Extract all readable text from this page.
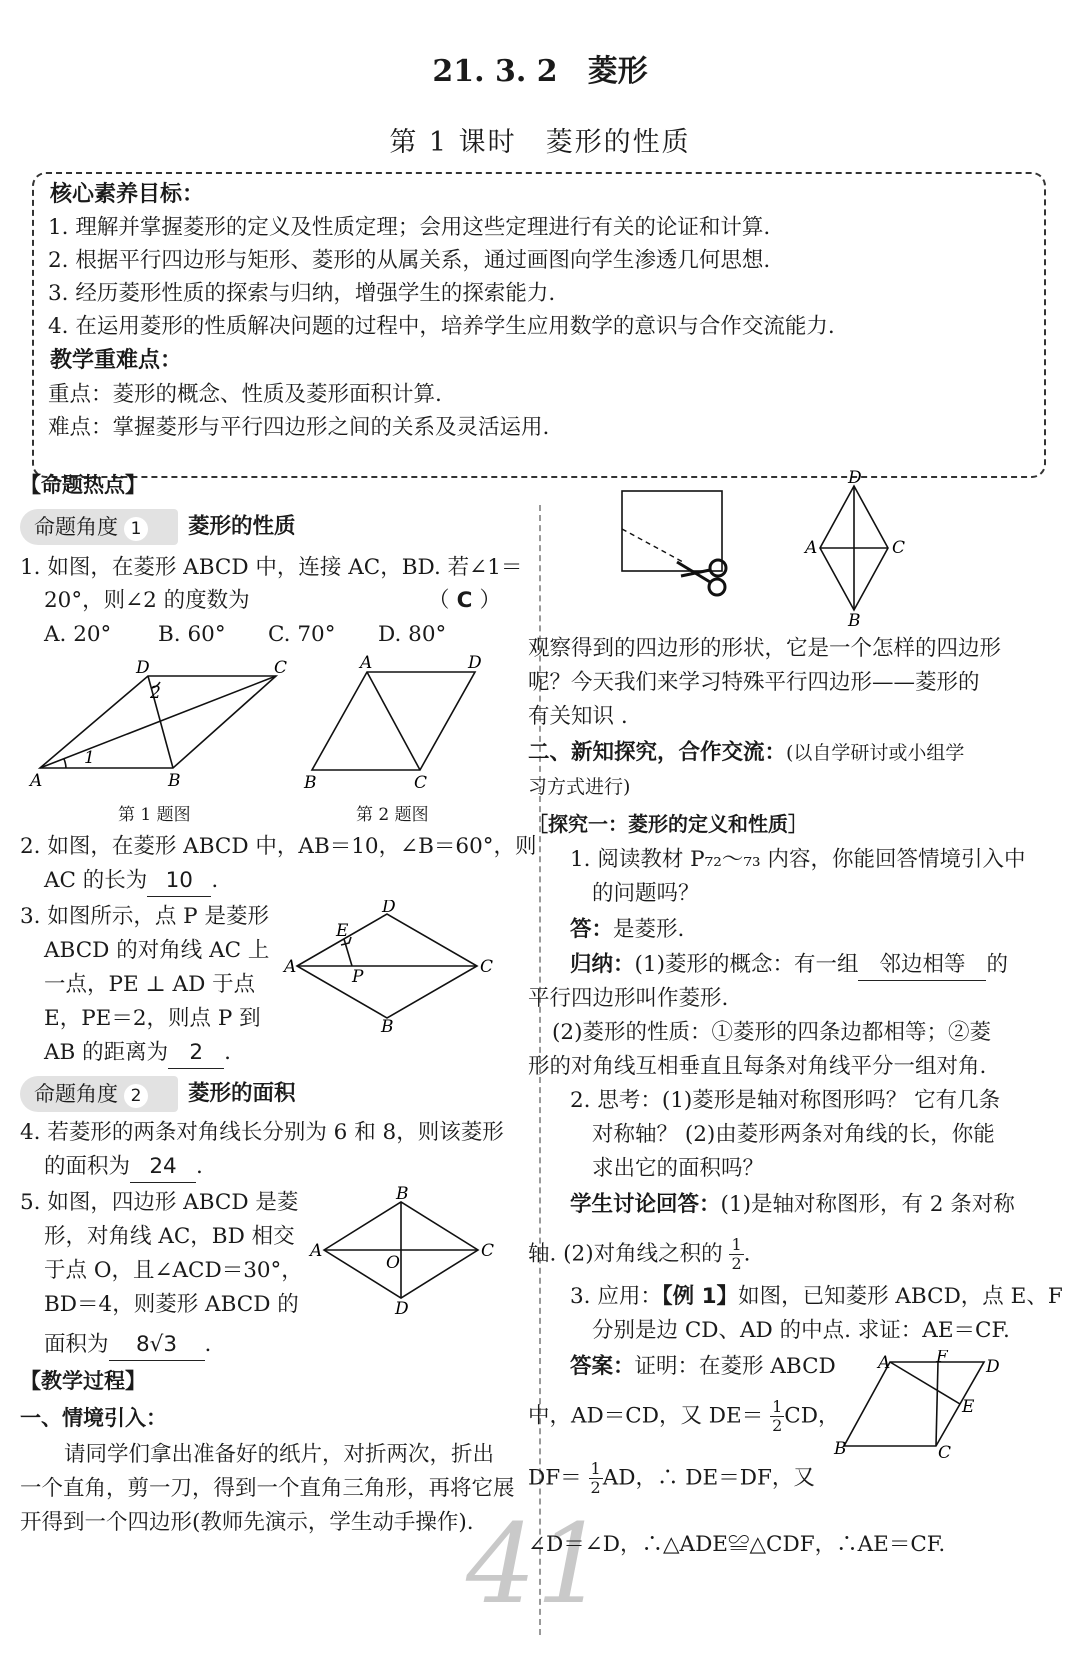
21. 3. 2　菱形
第 1 课时　菱形的性质
核心素养目标：
1. 理解并掌握菱形的定义及性质定理；会用这些定理进行有关的论证和计算.
2. 根据平行四边形与矩形、菱形的从属关系，通过画图向学生渗透几何思想.
3. 经历菱形性质的探索与归纳，增强学生的探索能力.
4. 在运用菱形的性质解决问题的过程中，培养学生应用数学的意识与合作交流能力.
教学重难点：
重点：菱形的概念、性质及菱形面积计算.
难点：掌握菱形与平行四边形之间的关系及灵活运用.
【命题热点】
命题角度 1	菱形的性质
1. 如图，在菱形 ABCD 中，连接 AC，BD. 若∠1＝
20°，则∠2 的度数为	（ C ）
A. 20° B. 60° C. 70° D. 80°
A	B
C
D
1
2
第 1 题图
A	D
B	C
第 2 题图
2. 如图，在菱形 ABCD 中，AB＝10，∠B＝60°，则
AC 的长为 10 .
3. 如图所示，点 P 是菱形
ABCD 的对角线 AC 上
一点，PE ⊥ AD 于点
E，PE＝2，则点 P 到
AB 的距离为 2 .
A
D
C
B
E
P
命题角度 2	菱形的面积
4. 若菱形的两条对角线长分别为 6 和 8，则该菱形
的面积为 24 .
5. 如图，四边形 ABCD 是菱
形，对角线 AC，BD 相交
于点 O，且∠ACD＝30°，
BD＝4，则菱形 ABCD 的
面积为 8√3 .
A
B
C
D
O
【教学过程】
一、情境引入：
请同学们拿出准备好的纸片，对折两次，折出
一个直角，剪一刀，得到一个直角三角形，再将它展
开得到一个四边形(教师先演示，学生动手操作).
41
D
A	C
B
观察得到的四边形的形状，它是一个怎样的四边形
呢？今天我们来学习特殊平行四边形——菱形的
有关知识 .
二、新知探究，合作交流：(以自学研讨或小组学
习方式进行)
［探究一：菱形的定义和性质］
1. 阅读教材 P₇₂～₇₃ 内容，你能回答情境引入中
的问题吗？
答：是菱形.
归纳：(1)菱形的概念：有一组 邻边相等 的
平行四边形叫作菱形.
(2)菱形的性质：①菱形的四条边都相等；②菱
形的对角线互相垂直且每条对角线平分一组对角.
2. 思考：(1)菱形是轴对称图形吗？ 它有几条
对称轴？ (2)由菱形两条对角线的长，你能
求出它的面积吗？
学生讨论回答：(1)是轴对称图形，有 2 条对称
轴. (2)对角线之积的 $\frac{1}{2}$ .
3. 应用：【例 1】如图，已知菱形 ABCD，点 E、F
分别是边 CD、AD 的中点. 求证：AE＝CF.
答案：证明：在菱形 ABCD
中，AD＝CD，又 $DE= \frac{1}{2}$ CD，
$DF= \frac{1}{2}$ AD，∴ DE＝DF，又
∠D＝∠D，∴△ADE≌△CDF，∴AE＝CF.
A	F D
E
B	C
